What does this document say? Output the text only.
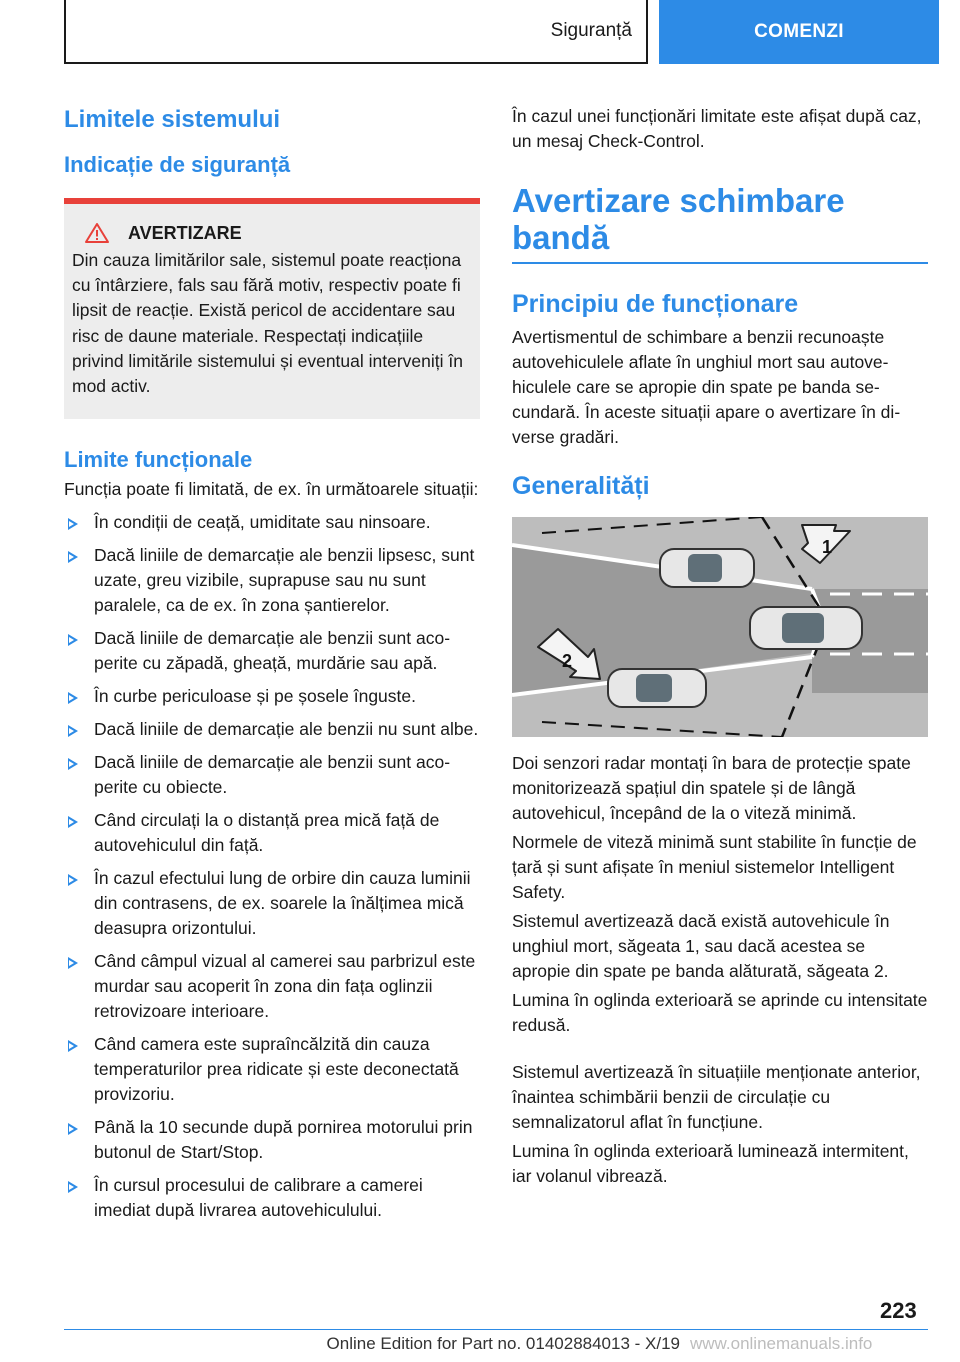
Siguranță	COMENZI
Limitele sistemului
Indicație de siguranță
AVERTIZARE

Din cauza limitărilor sale, sistemul poate reacționa cu întârziere, fals sau fără motiv, respectiv poate fi lipsit de reacție. Există pericol de accidentare sau risc de daune materiale. Respectați indicațiile privind limitările sistemului și eventual interveniți în mod activ.

Limite funcționale

Funcția poate fi limitată, de ex. în următoarele situații:

În condiții de ceață, umiditate sau ninsoare.
Dacă liniile de demarcație ale benzii lipsesc, sunt uzate, greu vizibile, suprapuse sau nu sunt paralele, ca de ex. în zona șantierelor.
Dacă liniile de demarcație ale benzii sunt acoperite cu zăpadă, gheață, murdărie sau apă.
În curbe periculoase și pe șosele înguste.
Dacă liniile de demarcație ale benzii nu sunt albe.
Dacă liniile de demarcație ale benzii sunt acoperite cu obiecte.
Când circulați la o distanță prea mică față de autovehiculul din față.
În cazul efectului lung de orbire din cauza luminii din contrasens, de ex. soarele la înălțimea mică deasupra orizontului.
Când câmpul vizual al camerei sau parbrizul este murdar sau acoperit în zona din fața oglinzii retrovizoare interioare.
Când camera este supraîncălzită din cauza temperaturilor prea ridicate și este deconectată provizoriu.
Până la 10 secunde după pornirea motorului prin butonul de Start/Stop.
În cursul procesului de calibrare a camerei imediat după livrarea autovehiculului.

În cazul unei funcționări limitate este afișat după caz, un mesaj Check-Control.

Avertizare schimbare bandă
Principiu de funcționare

Avertismentul de schimbare a benzii recunoaște autovehiculele aflate în unghiul mort sau autovehiculele care se apropie din spate pe banda secundară. În aceste situații apare o avertizare în diverse gradări.

Generalități
1
2

Doi senzori radar montați în bara de protecție spate monitorizează spațiul din spatele și de lângă autovehicul, începând de la o viteză minimă.

Normele de viteză minimă sunt stabilite în funcție de țară și sunt afișate în meniul sistemelor Intelligent Safety.

Sistemul avertizează dacă există autovehicule în unghiul mort, săgeata 1, sau dacă acestea se apropie din spate pe banda alăturată, săgeata 2.

Lumina în oglinda exterioară se aprinde cu intensitate redusă.

Sistemul avertizează în situațiile menționate anterior, înaintea schimbării benzii de circulație cu semnalizatorul aflat în funcțiune.

Lumina în oglinda exterioară luminează intermitent, iar volanul vibrează.

223
Online Edition for Part no. 01402884013 - X/19 www.onlinemanuals.info
